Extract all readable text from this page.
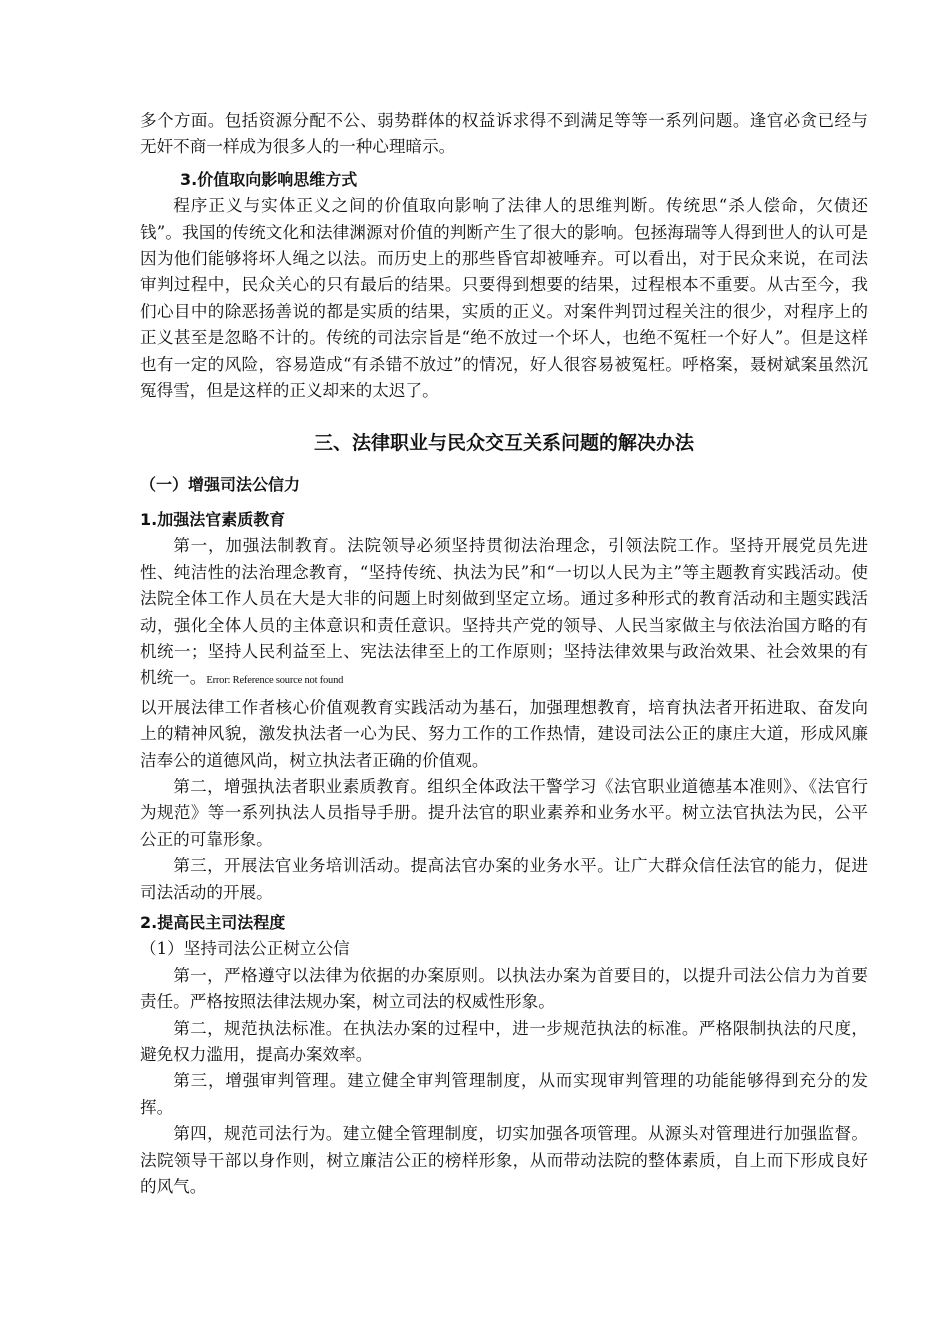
多个方面。包括资源分配不公、弱势群体的权益诉求得不到满足等等一系列问题。逢官必贪已经与无奸不商一样成为很多人的一种心理暗示。

3.价值取向影响思维方式

程序正义与实体正义之间的价值取向影响了法律人的思维判断。传统思“杀人偿命，欠债还钱”。我国的传统文化和法律渊源对价值的判断产生了很大的影响。包拯海瑞等人得到世人的认可是因为他们能够将坏人绳之以法。而历史上的那些昏官却被唾弃。可以看出，对于民众来说，在司法审判过程中，民众关心的只有最后的结果。只要得到想要的结果，过程根本不重要。从古至今，我们心目中的除恶扬善说的都是实质的结果，实质的正义。对案件判罚过程关注的很少，对程序上的正义甚至是忽略不计的。传统的司法宗旨是“绝不放过一个坏人，也绝不冤枉一个好人”。但是这样也有一定的风险，容易造成“有杀错不放过”的情况，好人很容易被冤枉。呼格案，聂树斌案虽然沉冤得雪，但是这样的正义却来的太迟了。

三、法律职业与民众交互关系问题的解决办法

（一）增强司法公信力

1.加强法官素质教育

第一，加强法制教育。法院领导必须坚持贯彻法治理念，引领法院工作。坚持开展党员先进性、纯洁性的法治理念教育，“坚持传统、执法为民”和“一切以人民为主”等主题教育实践活动。使法院全体工作人员在大是大非的问题上时刻做到坚定立场。通过多种形式的教育活动和主题实践活动，强化全体人员的主体意识和责任意识。坚持共产党的领导、人民当家做主与依法治国方略的有机统一；坚持人民利益至上、宪法法律至上的工作原则；坚持法律效果与政治效果、社会效果的有机统一。Error: Reference source not found
以开展法律工作者核心价值观教育实践活动为基石，加强理想教育，培育执法者开拓进取、奋发向上的精神风貌，激发执法者一心为民、努力工作的工作热情，建设司法公正的康庄大道，形成风廉洁奉公的道德风尚，树立执法者正确的价值观。

第二，增强执法者职业素质教育。组织全体政法干警学习《法官职业道德基本准则》、《法官行为规范》等一系列执法人员指导手册。提升法官的职业素养和业务水平。树立法官执法为民，公平公正的可靠形象。

第三，开展法官业务培训活动。提高法官办案的业务水平。让广大群众信任法官的能力，促进司法活动的开展。

2.提高民主司法程度

（1）坚持司法公正树立公信

第一，严格遵守以法律为依据的办案原则。以执法办案为首要目的，以提升司法公信力为首要责任。严格按照法律法规办案，树立司法的权威性形象。

第二，规范执法标准。在执法办案的过程中，进一步规范执法的标准。严格限制执法的尺度，避免权力滥用，提高办案效率。

第三，增强审判管理。建立健全审判管理制度，从而实现审判管理的功能能够得到充分的发挥。

第四，规范司法行为。建立健全管理制度，切实加强各项管理。从源头对管理进行加强监督。法院领导干部以身作则，树立廉洁公正的榜样形象，从而带动法院的整体素质，自上而下形成良好的风气。
